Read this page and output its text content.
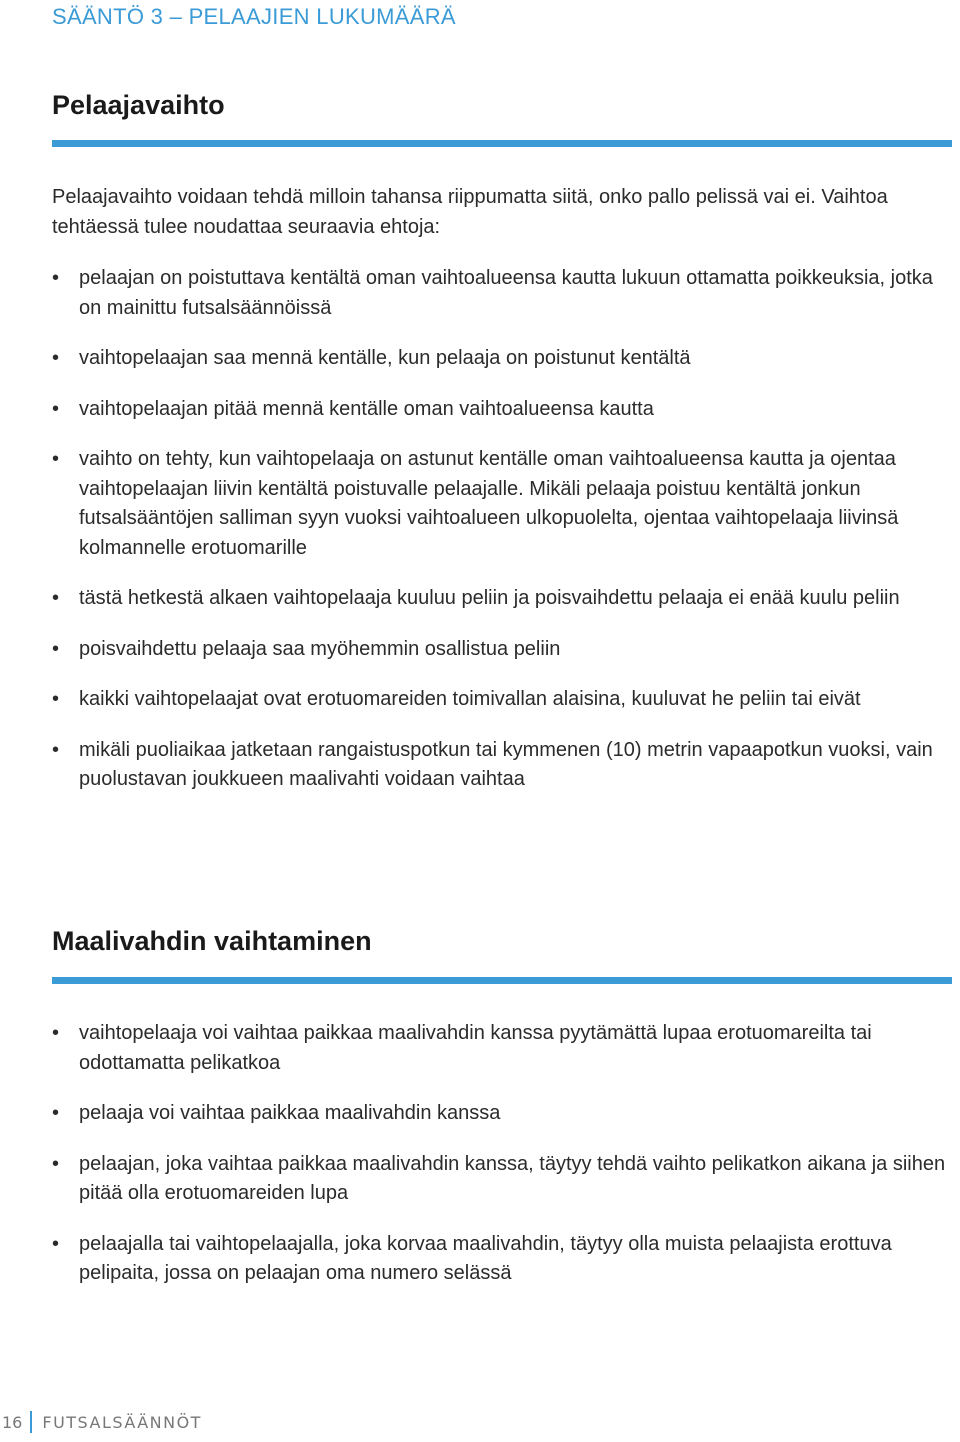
SÄÄNTÖ 3 – PELAAJIEN LUKUMÄÄRÄ
Pelaajavaihto

Pelaajavaihto voidaan tehdä milloin tahansa riippumatta siitä, onko pallo pelissä vai ei. Vaihtoa tehtäessä tulee noudattaa seuraavia ehtoja:

• pelaajan on poistuttava kentältä oman vaihtoalueensa kautta lukuun ottamatta poikkeuksia, jotka on mainittu futsalsäännöissä
• vaihtopelaajan saa mennä kentälle, kun pelaaja on poistunut kentältä
• vaihtopelaajan pitää mennä kentälle oman vaihtoalueensa kautta
• vaihto on tehty, kun vaihtopelaaja on astunut kentälle oman vaihtoalueensa kautta ja ojentaa vaihtopelaajan liivin kentältä poistuvalle pelaajalle. Mikäli pelaaja poistuu kentältä jonkun futsalsääntöjen salliman syyn vuoksi vaihtoalueen ulkopuolelta, ojentaa vaihtopelaaja liivinsä kolmannelle erotuomarille
• tästä hetkestä alkaen vaihtopelaaja kuuluu peliin ja poisvaihdettu pelaaja ei enää kuulu peliin
• poisvaihdettu pelaaja saa myöhemmin osallistua peliin
• kaikki vaihtopelaajat ovat erotuomareiden toimivallan alaisina, kuuluvat he peliin tai eivät
• mikäli puoliaikaa jatketaan rangaistuspotkun tai kymmenen (10) metrin vapaapotkun vuoksi, vain puolustavan joukkueen maalivahti voidaan vaihtaa
Maalivahdin vaihtaminen
• vaihtopelaaja voi vaihtaa paikkaa maalivahdin kanssa pyytämättä lupaa erotuomareilta tai odottamatta pelikatkoa
• pelaaja voi vaihtaa paikkaa maalivahdin kanssa
• pelaajan, joka vaihtaa paikkaa maalivahdin kanssa, täytyy tehdä vaihto pelikatkon aikana ja siihen pitää olla erotuomareiden lupa
• pelaajalla tai vaihtopelaajalla, joka korvaa maalivahdin, täytyy olla muista pelaajista erottuva pelipaita, jossa on pelaajan oma numero selässä
16 FUTSALSÄÄNNÖT
